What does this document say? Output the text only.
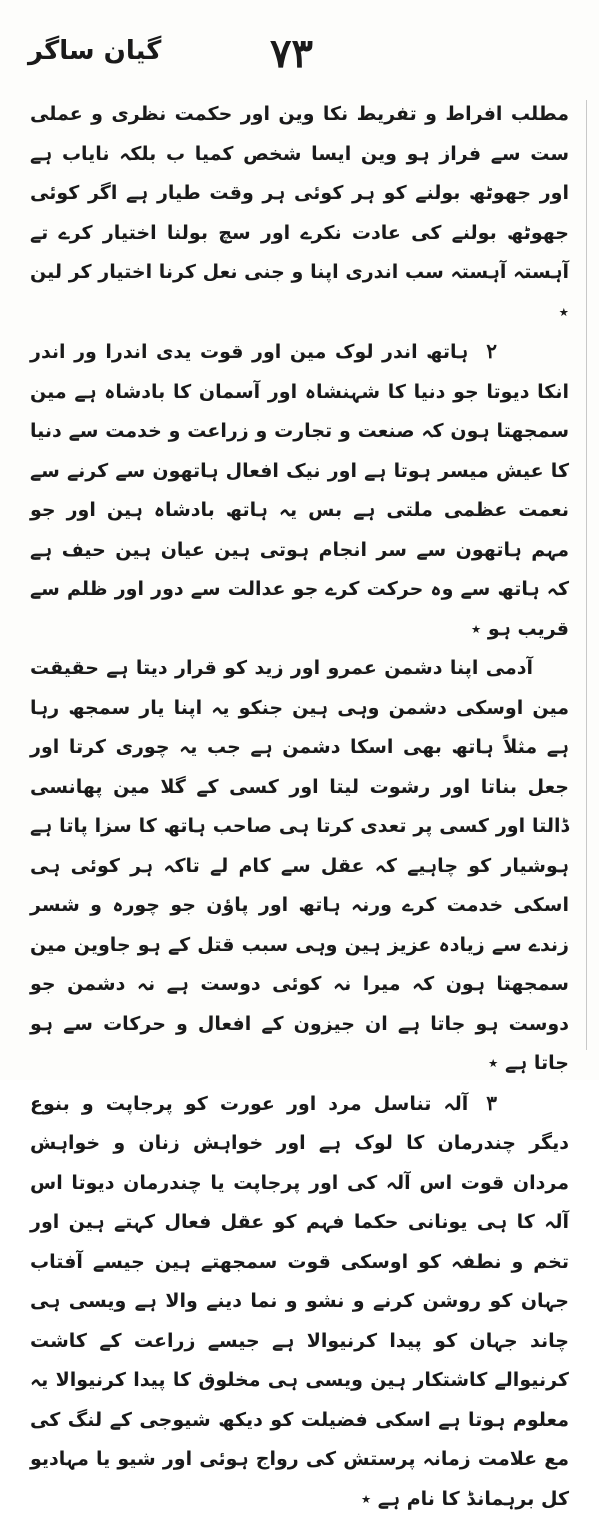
گیان ساگر	۷۳

مطلب افراط و تفریط نکا وین اور حکمت نظری و عملی ست سے فراز ہو وین ایسا شخص کمیا ب بلکہ نایاب ہے اور جھوٹھ بولنے کو ہر کوئی ہر وقت طیار ہے اگر کوئی جھوٹھ بولنے کی عادت نکرے اور سچ بولنا اختیار کرے تے آہستہ آہستہ سب اندری اپنا و جنی نعل کرنا اختیار کر لین ٭

۲ہاتھ اندر لوک مین اور قوت یدی اندرا ور اندر انکا دیوتا جو دنیا کا شہنشاہ اور آسمان کا بادشاہ ہے مین سمجھتا ہون کہ صنعت و تجارت و زراعت و خدمت سے دنیا کا عیش میسر ہوتا ہے اور نیک افعال ہاتھون سے کرنے سے نعمت عظمی ملتی ہے بس یہ ہاتھ بادشاہ ہین اور جو مہم ہاتھون سے سر انجام ہوتی ہین عیان ہین حیف ہے کہ ہاتھ سے وہ حرکت کرے جو عدالت سے دور اور ظلم سے قریب ہو ٭

آدمی اپنا دشمن عمرو اور زید کو قرار دیتا ہے حقیقت مین اوسکی دشمن وہی ہین جنکو یہ اپنا یار سمجھ رہا ہے مثلاً ہاتھ بھی اسکا دشمن ہے جب یہ چوری کرتا اور جعل بناتا اور رشوت لیتا اور کسی کے گلا مین پھانسی ڈالتا اور کسی پر تعدی کرتا ہی صاحب ہاتھ کا سزا پاتا ہے ہوشیار کو چاہیے کہ عقل سے کام لے تاکہ ہر کوئی ہی اسکی خدمت کرے ورنہ ہاتھ اور پاؤن جو چورہ و شسر زندے سے زیادہ عزیز ہین وہی سبب قتل کے ہو جاوین مین سمجھتا ہون کہ میرا نہ کوئی دوست ہے نہ دشمن جو دوست ہو جاتا ہے ان جیزون کے افعال و حرکات سے ہو جاتا ہے ٭

۳آلہ تناسل مرد اور عورت کو پرجاپت و بنوع دیگر چندرمان کا لوک ہے اور خواہش زنان و خواہش مردان قوت اس آلہ کی اور پرجاپت یا چندرمان دیوتا اس آلہ کا ہی یونانی حکما فہم کو عقل فعال کہتے ہین اور تخم و نطفہ کو اوسکی قوت سمجھتے ہین جیسے آفتاب جہان کو روشن کرنے و نشو و نما دینے والا ہے ویسی ہی چاند جہان کو پیدا کرنیوالا ہے جیسے زراعت کے کاشت کرنیوالے کاشتکار ہین ویسی ہی مخلوق کا پیدا کرنیوالا یہ معلوم ہوتا ہے اسکی فضیلت کو دیکھ شیوجی کے لنگ کی مع علامت زمانہ پرستش کی رواج ہوئی اور شیو یا مہادیو کل برہمانڈ کا نام ہے ٭
